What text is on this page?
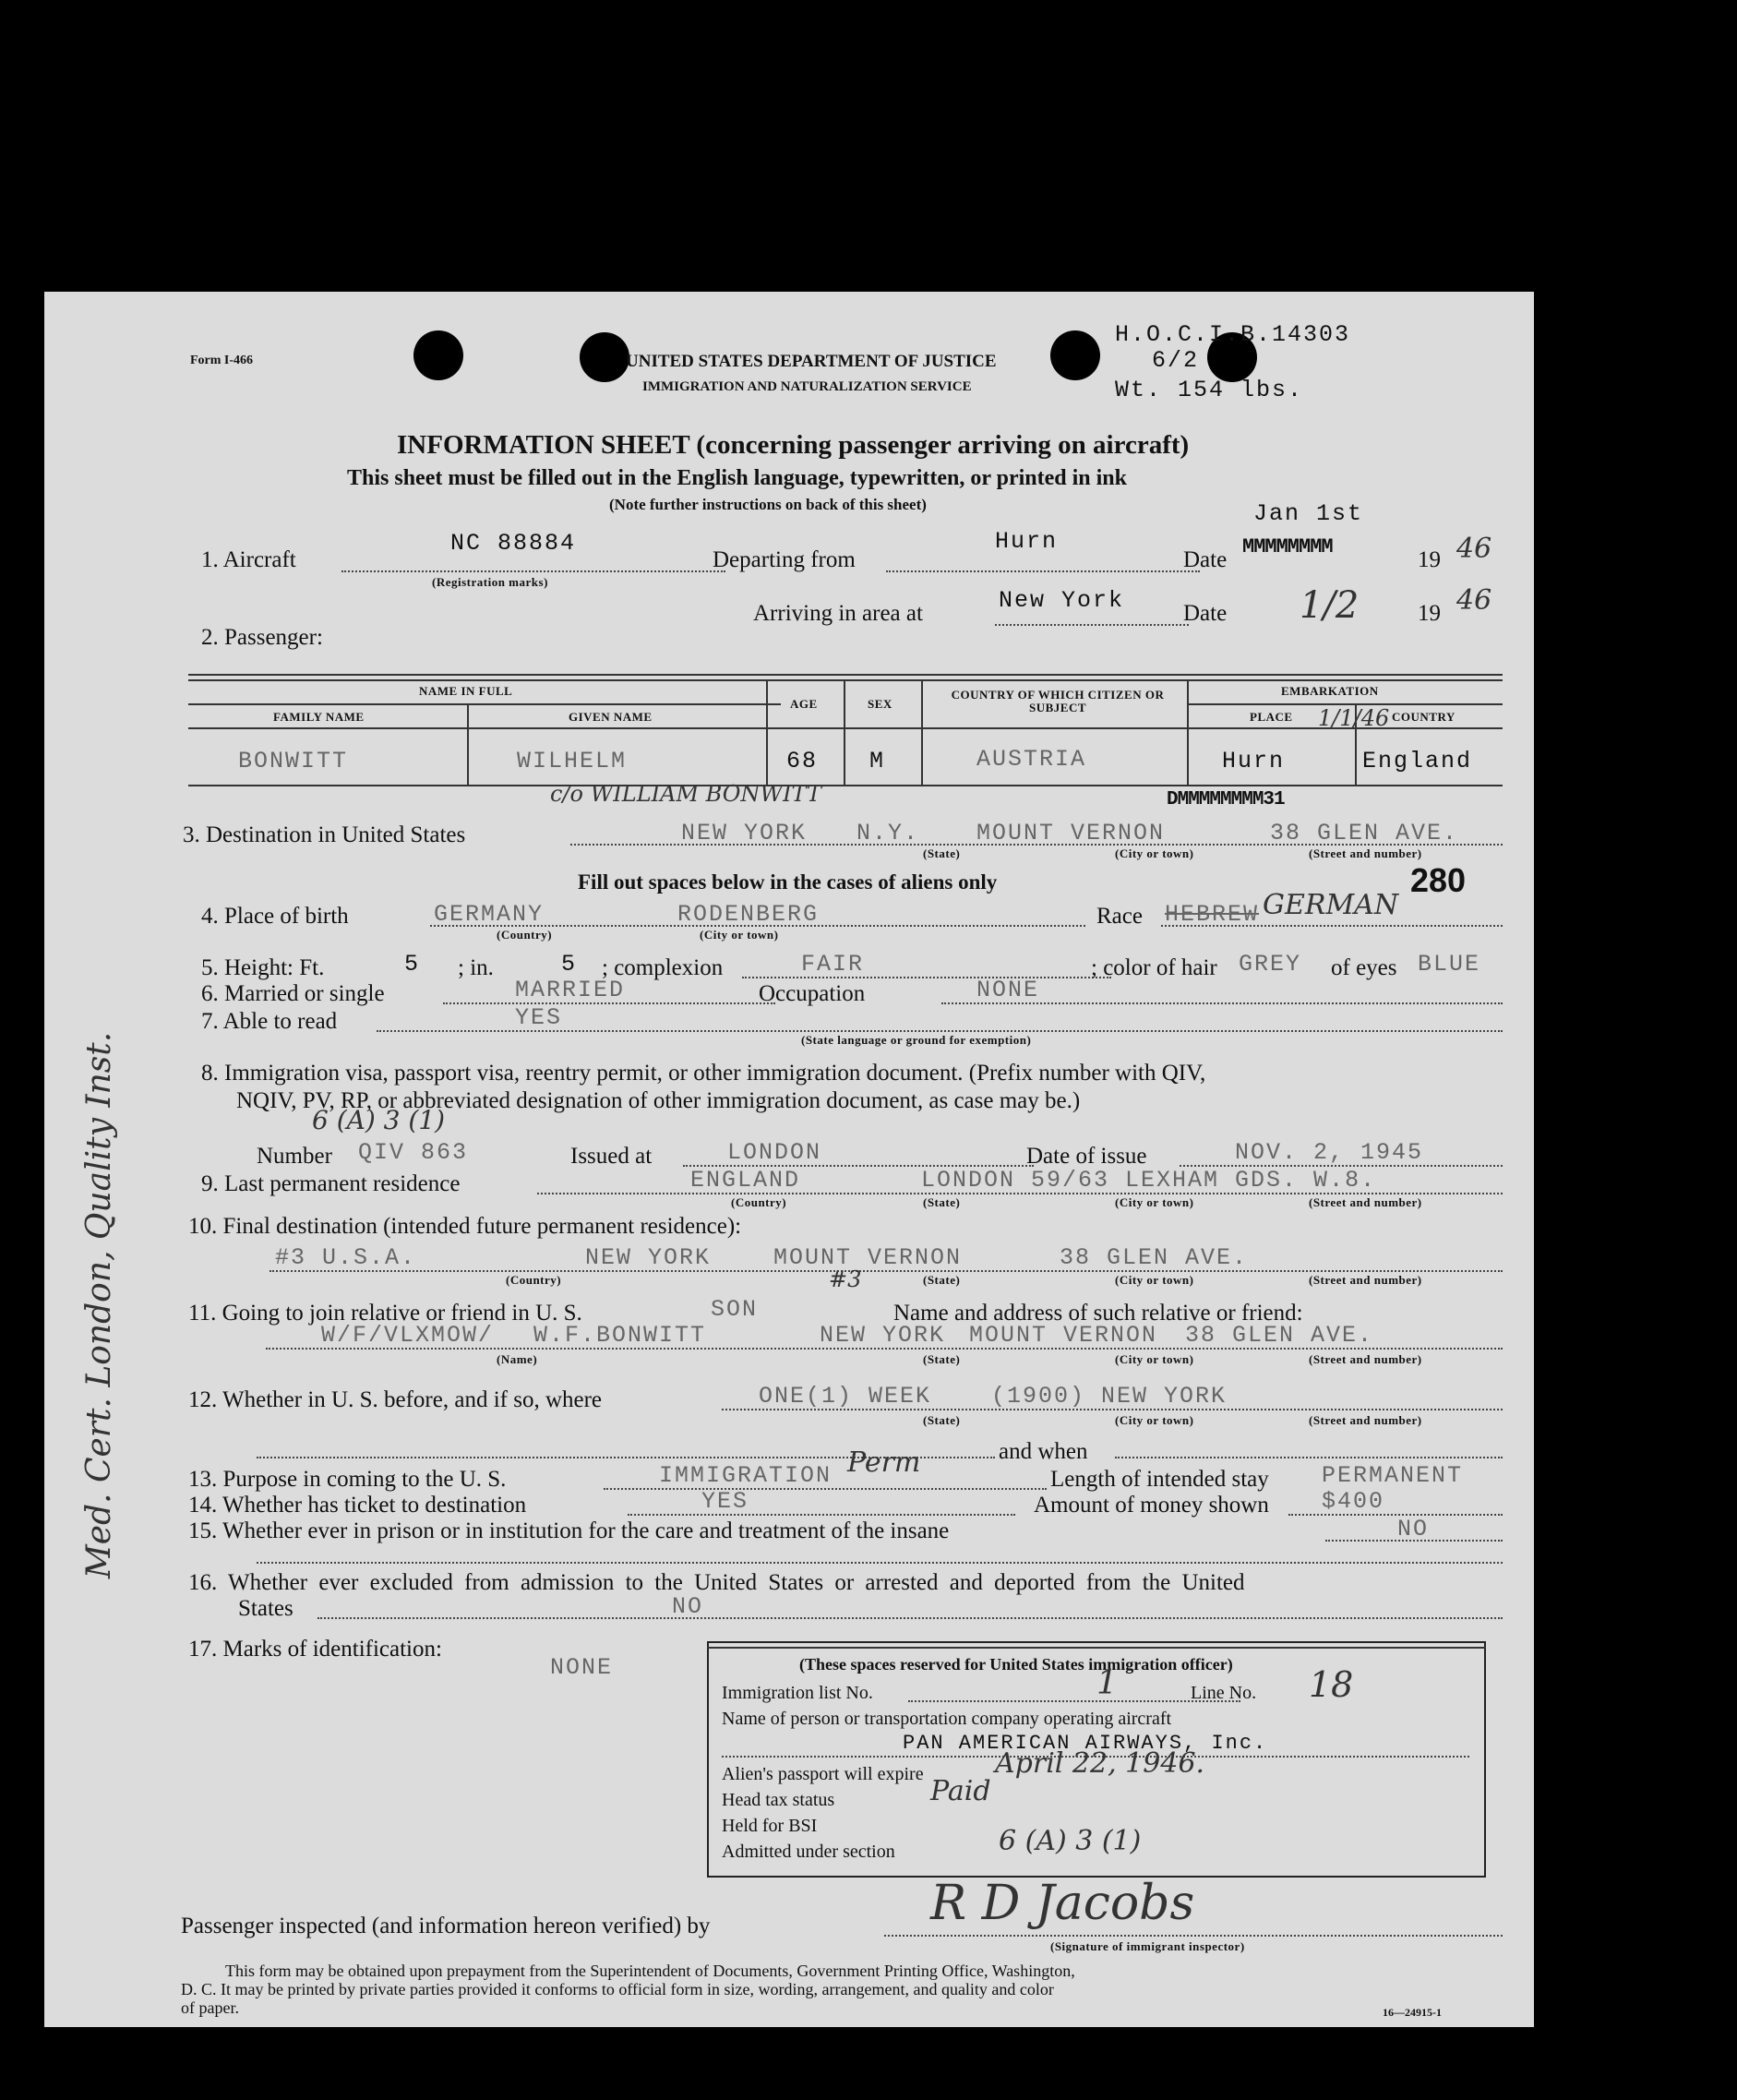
Form I-466	UNITED STATES DEPARTMENT OF JUSTICE
IMMIGRATION AND NATURALIZATION SERVICE
H.O.C.I.B.14303
6/2
Wt. 154 lbs.
INFORMATION SHEET (concerning passenger arriving on aircraft)
This sheet must be filled out in the English language, typewritten, or printed in ink
(Note further instructions on back of this sheet)	Jan 1st
1. Aircraft
NC 88884
(Registration marks)
Departing from
Hurn
Date
MMMMMMMM
19 46
Arriving in area at	New York	Date 1/2	19 46
2. Passenger:
NAME IN FULL
FAMILY NAME	GIVEN NAME
AGE	SEX
COUNTRY OF WHICH CITIZEN OR SUBJECT
EMBARKATION
PLACE	COUNTRY
BONWITT	WILHELM	68 M	AUSTRIA	Hurn	England
1/1/46
DMMMMMMMM31
c/o WILLIAM BONWITT
3. Destination in United States	NEW YORK N.Y. MOUNT VERNON	38 GLEN AVE.
(State)	(City or town)	(Street and number)
Fill out spaces below in the cases of aliens only	280
4. Place of birth	GERMANY	RODENBERG
(Country)	(City or town)
Race HEBREW GERMAN
5. Height: Ft.	5 ; in.	5 ; complexion	FAIR	; color of hair GREY of eyes BLUE
6. Married or single	MARRIED	Occupation	NONE
7. Able to read	YES
(State language or ground for exemption)
8. Immigration visa, passport visa, reentry permit, or other immigration document. (Prefix number with QIV,
NQIV, PV, RP, or abbreviated designation of other immigration document, as case may be.)
6 (A) 3 (1)
Number QIV 863	Issued at	LONDON	Date of issue	NOV. 2, 1945
9. Last permanent residence	ENGLAND	LONDON 59/63 LEXHAM GDS. W.8.
(Country)	(State)	(City or town)	(Street and number)
10. Final destination (intended future permanent residence):
#3 U.S.A.	NEW YORK	MOUNT VERNON	38 GLEN AVE.
(Country)	(State)	(City or town)	(Street and number)
#3
11. Going to join relative or friend in U. S.	SON	Name and address of such relative or friend:
W/F/VLXMOW/ W.F.BONWITT	NEW YORK MOUNT VERNON 38 GLEN AVE.
(Name)	(State)	(City or town)	(Street and number)
12. Whether in U. S. before, and if so, where	ONE(1) WEEK	(1900) NEW YORK
(State)	(City or town)	(Street and number)
and when
13. Purpose in coming to the U. S.	IMMIGRATION Perm
Length of intended stay PERMANENT
14. Whether has ticket to destination	YES	Amount of money shown $400
15. Whether ever in prison or in institution for the care and treatment of the insane	NO
16. Whether ever excluded from admission to the United States or arrested and deported from the United
States	NO
17. Marks of identification:
NONE	(These spaces reserved for United States immigration officer)
Immigration list No.	1	Line No. 18
Name of person or transportation company operating aircraft
PAN AMERICAN AIRWAYS, Inc.
Alien's passport will expire	April 22, 1946.
Head tax status	Paid
Held for BSI
Admitted under section	6 (A) 3 (1)
Passenger inspected (and information hereon verified) by	R D Jacobs
(Signature of immigrant inspector)
This form may be obtained upon prepayment from the Superintendent of Documents, Government Printing Office, Washington,
D. C. It may be printed by private parties provided it conforms to official form in size, wording, arrangement, and quality and color
of paper.	16—24915-1
Med. Cert. London, Quality Inst.
